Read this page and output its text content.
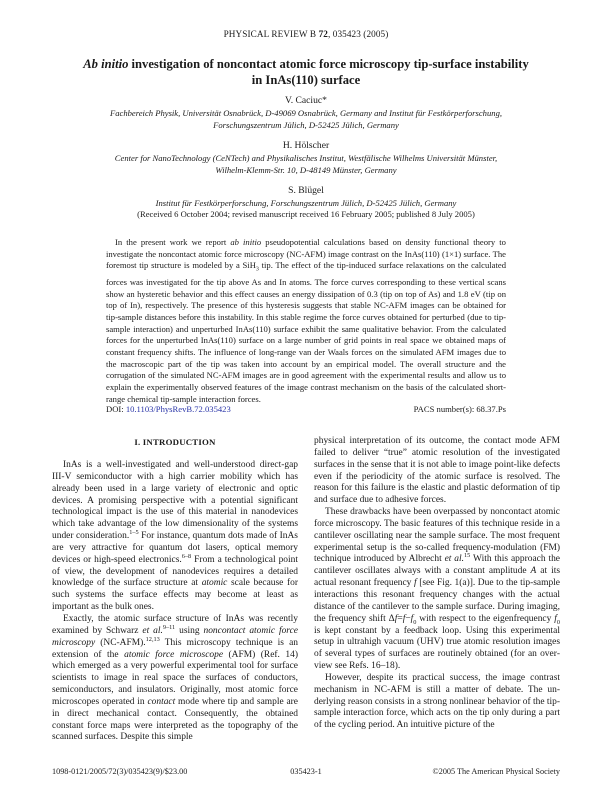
PHYSICAL REVIEW B 72, 035423 (2005)
Ab initio investigation of noncontact atomic force microscopy tip-surface instability
in InAs(110) surface
V. Caciuc*
Fachbereich Physik, Universität Osnabrück, D-49069 Osnabrück, Germany and Institut für Festkörperforschung,
Forschungszentrum Jülich, D-52425 Jülich, Germany
H. Hölscher
Center for NanoTechnology (CeNTech) and Physikalisches Institut, Westfälische Wilhelms Universität Münster,
Wilhelm-Klemm-Str. 10, D-48149 Münster, Germany
S. Blügel
Institut für Festkörperforschung, Forschungszentrum Jülich, D-52425 Jülich, Germany
(Received 6 October 2004; revised manuscript received 16 February 2005; published 8 July 2005)
In the present work we report ab initio pseudopotential calculations based on density functional theory to investigate the noncontact atomic force microscopy (NC-AFM) image contrast on the InAs(110) (1×1) surface. The foremost tip structure is modeled by a SiH$_3$ tip. The effect of the tip-induced surface relaxations on the calculated forces was investigated for the tip above As and In atoms. The force curves corresponding to these vertical scans show an hysteretic behavior and this effect causes an energy dissipation of 0.3 (tip on top of As) and 1.8 eV (tip on top of In), respectively. The presence of this hysteresis suggests that stable NC-AFM images can be obtained for tip-sample distances before this instability. In this stable regime the force curves obtained for perturbed (due to tip-sample interaction) and unperturbed InAs(110) surface exhibit the same qualitative behavior. From the calculated forces for the unperturbed InAs(110) surface on a large number of grid points in real space we obtained maps of constant frequency shifts. The influence of long-range van der Waals forces on the simulated AFM images due to the macroscopic part of the tip was taken into account by an empirical model. The overall structure and the corrugation of the simulated NC-AFM images are in good agreement with the experimental results and allow us to explain the experimentally observed features of the image contrast mechanism on the basis of the calculated short-range chemical tip-sample interaction forces.
DOI: 10.1103/PhysRevB.72.035423	PACS number(s): 68.37.Ps
I. INTRODUCTION

InAs is a well-investigated and well-understood direct-gap III-V semiconductor with a high carrier mobility which has already been used in a large variety of electronic and optic devices. A promising perspective with a potential significant technological impact is the use of this material in nanodevices which take advantage of the low dimensionality of the systems under consideration.$^{1-5}$ For instance, quantum dots made of InAs are very attractive for quantum dot lasers, optical memory devices or high-speed electronics.$^{6-8}$ From a technological point of view, the development of nanodevices requires a detailed knowledge of the surface structure at atomic scale because for such systems the surface effects may become at least as important as the bulk ones.

Exactly, the atomic surface structure of InAs was recently examined by Schwarz et al.$^{9-11}$ using noncontact atomic force microscopy (NC-AFM).$^{12,13}$ This microscopy technique is an extension of the atomic force microscope (AFM) (Ref. 14) which emerged as a very powerful experimental tool for surface scientists to image in real space the surfaces of conductors, semiconductors, and insulators. Originally, most atomic force microscopes operated in contact mode where tip and sample are in direct mechanical contact. Consequently, the obtained constant force maps were interpreted as the topography of the scanned surfaces. Despite this simple

physical interpretation of its outcome, the contact mode AFM failed to deliver “true” atomic resolution of the investigated surfaces in the sense that it is not able to image point-like defects even if the periodicity of the atomic surface is resolved. The reason for this failure is the elastic and plastic deformation of tip and surface due to adhesive forces.

These drawbacks have been overpassed by noncontact atomic force microscopy. The basic features of this technique reside in a cantilever oscillating near the sample surface. The most frequent experimental setup is the so-called frequency-modulation (FM) technique introduced by Albrecht et al.$^{15}$ With this approach the cantilever oscillates always with a constant amplitude A at its actual resonant frequency f [see Fig. 1(a)]. Due to the tip-sample interactions this resonant frequency changes with the actual distance of the cantilever to the sample surface. During imaging, the frequency shift $\Delta f=f-f_0$ with respect to the eigenfrequency $f_0$ is kept constant by a feedback loop. Using this experimental setup in ultrahigh vacuum (UHV) true atomic resolution images of several types of surfaces are routinely obtained (for an overview see Refs. 16–18).

However, despite its practical success, the image contrast mechanism in NC-AFM is still a matter of debate. The underlying reason consists in a strong nonlinear behavior of the tip-sample interaction force, which acts on the tip only during a part of the cycling period. An intuitive picture of the

1098-0121/2005/72(3)/035423(9)/$23.00	035423-1	©2005 The American Physical Society
